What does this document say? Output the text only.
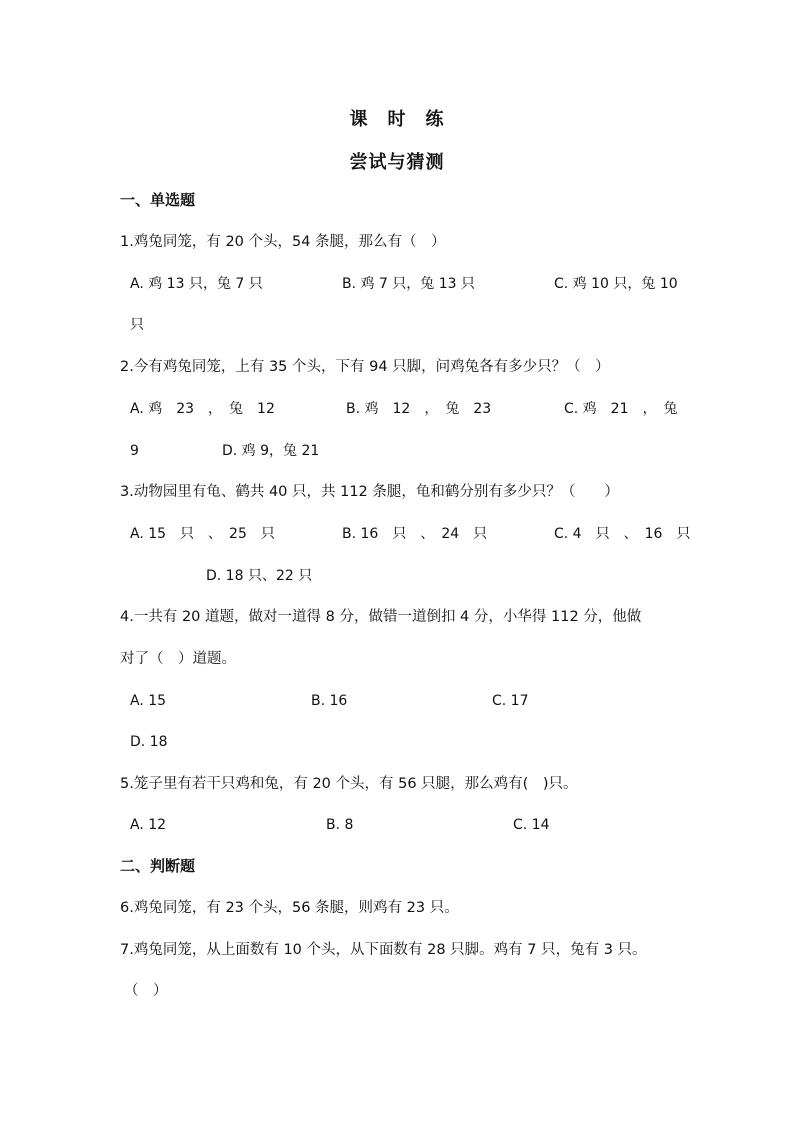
课　时　练
尝试与猜测
一、单选题
1.鸡兔同笼，有 20 个头，54 条腿，那么有（　）
A. 鸡 13 只，兔 7 只	B. 鸡 7 只，兔 13 只	C. 鸡 10 只，兔 10
只
2.今有鸡兔同笼，上有 35 个头，下有 94 只脚，问鸡兔各有多少只？（　）
A. 鸡　23　，　兔　12	B. 鸡　12　，　兔　23	C. 鸡　21　，　兔
9	D. 鸡 9，兔 21
3.动物园里有龟、鹤共 40 只，共 112 条腿，龟和鹤分别有多少只？（　　）
A. 15　只　、　25　只	B. 16　只　、　24　只	C. 4　只　、　16　只
D. 18 只、22 只
4.一共有 20 道题，做对一道得 8 分，做错一道倒扣 4 分，小华得 112 分，他做
对了（　）道题。
A. 15	B. 16	C. 17
D. 18
5.笼子里有若干只鸡和兔，有 20 个头，有 56 只腿，那么鸡有(　)只。
A. 12	B. 8	C. 14
二、判断题
6.鸡兔同笼，有 23 个头，56 条腿，则鸡有 23 只。
7.鸡兔同笼，从上面数有 10 个头，从下面数有 28 只脚。鸡有 7 只，兔有 3 只。
（　）
